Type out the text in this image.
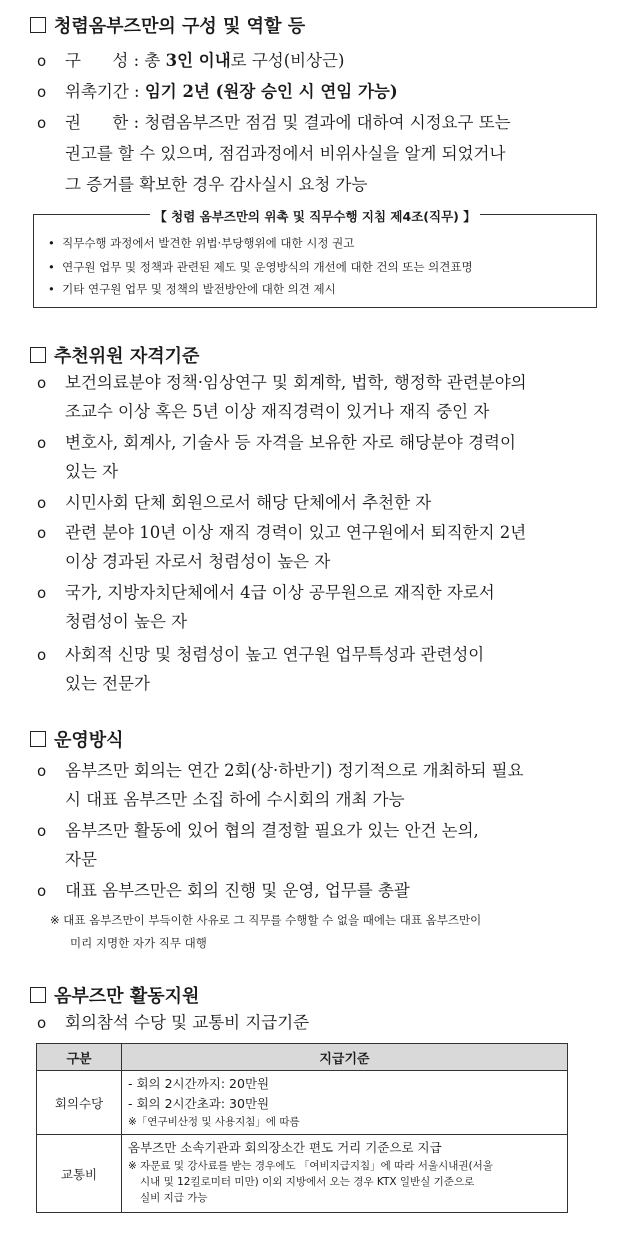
청렴옴부즈만의 구성 및 역할 등
o 구      성 : 총 3인 이내로 구성(비상근)
o 위촉기간 : 임기 2년 (원장 승인 시 연임 가능)
o 권      한 : 청렴옴부즈만 점검 및 결과에 대하여 시정요구 또는
권고를 할 수 있으며, 점검과정에서 비위사실을 알게 되었거나
그 증거를 확보한 경우 감사실시 요청 가능
【 청렴 옴부즈만의 위촉 및 직무수행 지침 제4조(직무) 】
• 직무수행 과정에서 발견한 위법·부당행위에 대한 시정 권고
• 연구원 업무 및 정책과 관련된 제도 및 운영방식의 개선에 대한 건의 또는 의견표명
• 기타 연구원 업무 및 정책의 발전방안에 대한 의견 제시
추천위원 자격기준
o 보건의료분야 정책·임상연구 및 회계학, 법학, 행정학 관련분야의
조교수 이상 혹은 5년 이상 재직경력이 있거나 재직 중인 자
o 변호사, 회계사, 기술사 등 자격을 보유한 자로 해당분야 경력이
있는 자
o 시민사회 단체 회원으로서 해당 단체에서 추천한 자
o 관련 분야 10년 이상 재직 경력이 있고 연구원에서 퇴직한지 2년
이상 경과된 자로서 청렴성이 높은 자
o 국가, 지방자치단체에서 4급 이상 공무원으로 재직한 자로서
청렴성이 높은 자
o 사회적 신망 및 청렴성이 높고 연구원 업무특성과 관련성이
있는 전문가
운영방식
o 옴부즈만 회의는 연간 2회(상·하반기) 정기적으로 개최하되 필요
시 대표 옴부즈만 소집 하에 수시회의 개최 가능
o 옴부즈만 활동에 있어 협의 결정할 필요가 있는 안건 논의,
자문
o 대표 옴부즈만은 회의 진행 및 운영, 업무를 총괄
※ 대표 옴부즈만이 부득이한 사유로 그 직무를 수행할 수 없을 때에는 대표 옴부즈만이
미리 지명한 자가 직무 대행
옴부즈만 활동지원
o 회의참석 수당 및 교통비 지급기준
구분	지급기준
회의수당	- 회의 2시간까지: 20만원
- 회의 2시간초과: 30만원
※「연구비산정 및 사용지침」에 따름

교통비	옴부즈만 소속기관과 회의장소간 편도 거리 기준으로 지급
※ 자문료 및 강사료를 받는 경우에도 「여비지급지침」에 따라 서울시내권(서울
시내 및 12킬로미터 미만) 이외 지방에서 오는 경우 KTX 일반실 기준으로
실비 지급 가능
